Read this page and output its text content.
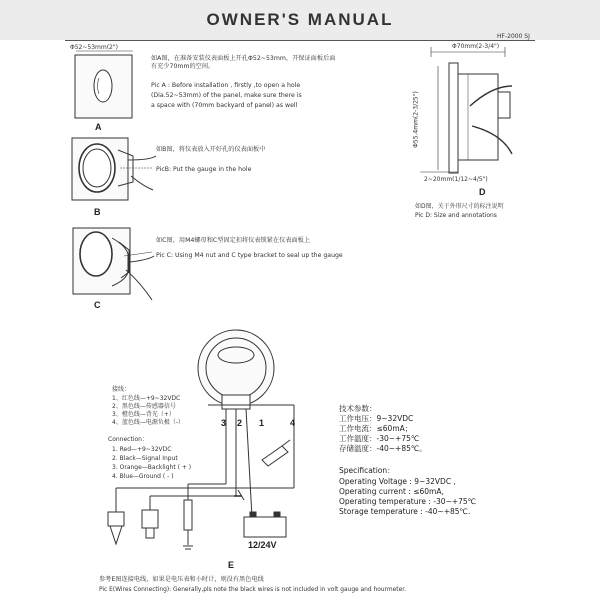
OWNER'S MANUAL
HF-2000 SJ
Φ52~53mm(2")
如A图，在准备安装仪表面板上开孔Φ52~53mm，开保证面板后面有充少70mm的空间。
Pic A : Before installation , firstly ,to open a hole
(Dia.52~53mm) of the panel, make sure there is
a space with (70mm backyard of panel) as well
A
如B图，将仪表放入开好孔的仪表面板中
PicB: Put the gauge in the hole
B
如C图，用M4螺母和C型固定扣将仪表锁紧在仪表面板上
Pic C: Using M4 nut and C type bracket to seal up the gauge
C
Φ70mm(2-3/4")
Φ55.4mm(2-3/25")
2~20mm(1/12~4/5")
D
如D图，关于外形尺寸的标注说明
Pic D: Size and annotations
接线：
1、红色线—+9~32VDC
2、黑色线—传感器信号
3、橙色线—背光（+）
4、蓝色线—电源负极（-）
Connection：
1. Red—+9~32VDC
2. Black—Signal Input
3. Orange—Backlight ( + )
4. Blue—Ground ( - )
3 2 1	4
12/24V
E
技术参数：
工作电压：9~32VDC
工作电流：≤60mA；
工作温度：-30~+75℃
存储温度：-40~+85℃。
Specification：
Operating Voltage : 9~32VDC ,
Operating current : ≤60mA,
Operating temperature : -30~+75℃
Storage temperature : -40~+85℃.
参考E图连接电线，如果是电压表和小时计，则没有黑色电线
Pic E(Wires Connecting): Generally,pls note the black wires is not included in volt gauge and hourmeter.
